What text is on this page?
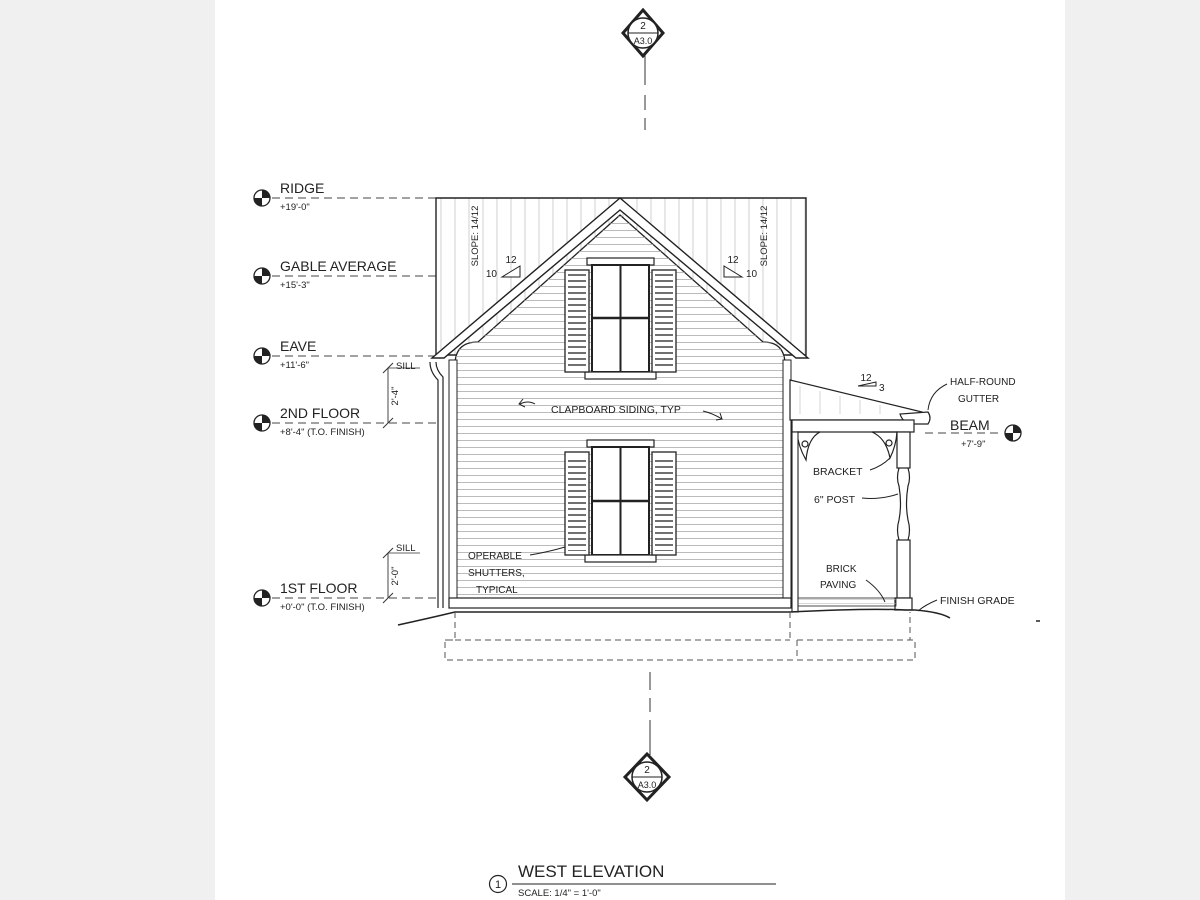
2
A3.0
2
A3.0
RIDGE
+19'-0"
GABLE AVERAGE
+15'-3"
EAVE
+11'-6"
2ND FLOOR
+8'-4" (T.O. FINISH)
1ST FLOOR
+0'-0" (T.O. FINISH)
SILL
2'-4"
SILL
2'-0"
SLOPE: 14/12 12
10
SLOPE: 14/12
12
10
CLAPBOARD SIDING, TYP
OPERABLE
SHUTTERS,
TYPICAL
HALF-ROUND
GUTTER
12
3
BEAM
+7'-9"
BRACKET
6" POST
BRICK
PAVING
FINISH GRADE
1
WEST ELEVATION
SCALE: 1/4" = 1'-0"
